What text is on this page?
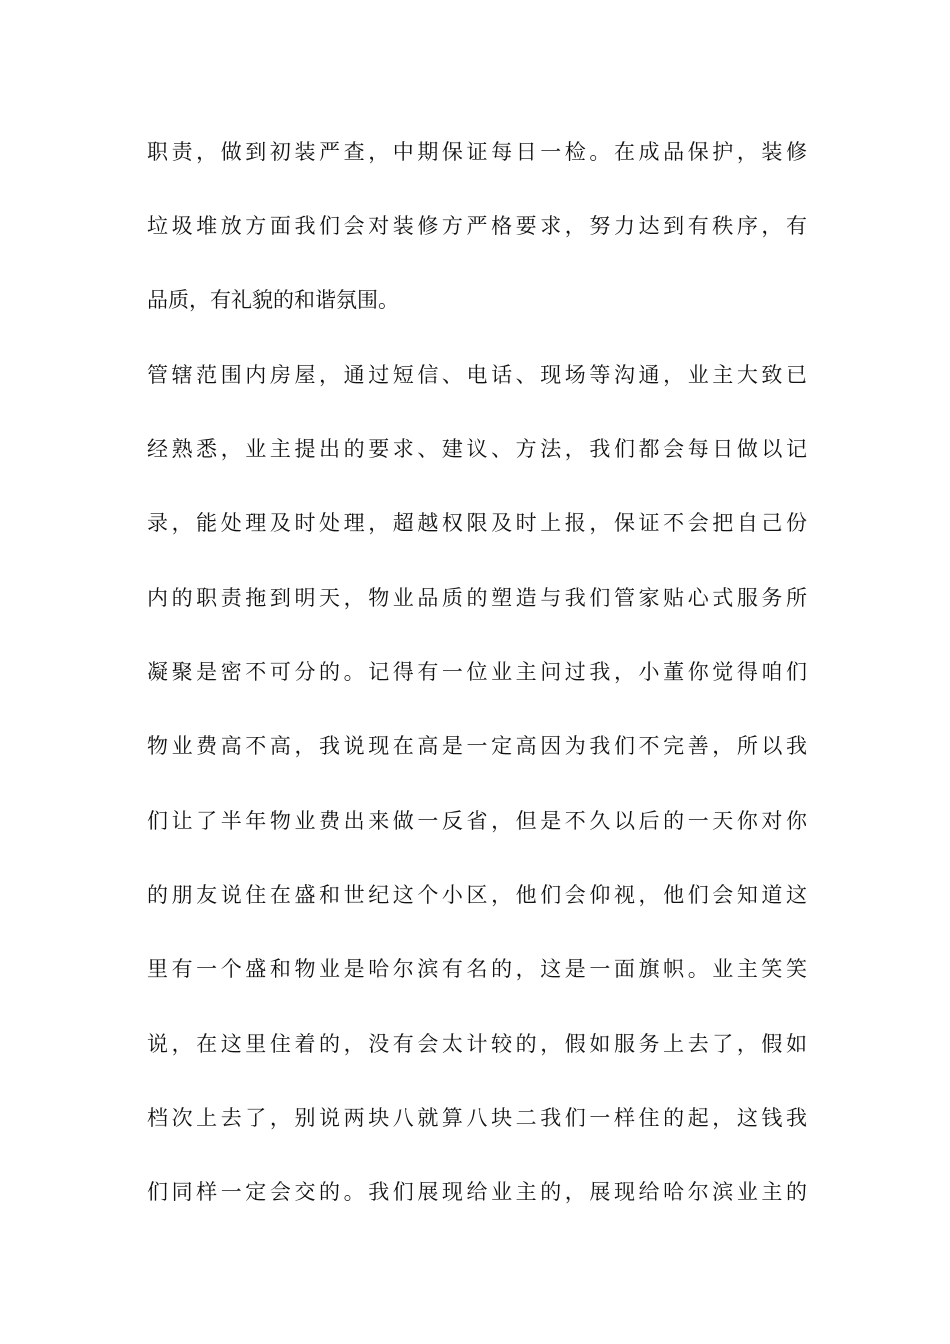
职责，做到初装严查，中期保证每日一检。在成品保护，装修
垃圾堆放方面我们会对装修方严格要求，努力达到有秩序，有
品质，有礼貌的和谐氛围。
管辖范围内房屋，通过短信、电话、现场等沟通，业主大致已
经熟悉，业主提出的要求、建议、方法，我们都会每日做以记
录，能处理及时处理，超越权限及时上报，保证不会把自己份
内的职责拖到明天，物业品质的塑造与我们管家贴心式服务所
凝聚是密不可分的。记得有一位业主问过我，小董你觉得咱们
物业费高不高，我说现在高是一定高因为我们不完善，所以我
们让了半年物业费出来做一反省，但是不久以后的一天你对你
的朋友说住在盛和世纪这个小区，他们会仰视，他们会知道这
里有一个盛和物业是哈尔滨有名的，这是一面旗帜。业主笑笑
说，在这里住着的，没有会太计较的，假如服务上去了，假如
档次上去了，别说两块八就算八块二我们一样住的起，这钱我
们同样一定会交的。我们展现给业主的，展现给哈尔滨业主的
